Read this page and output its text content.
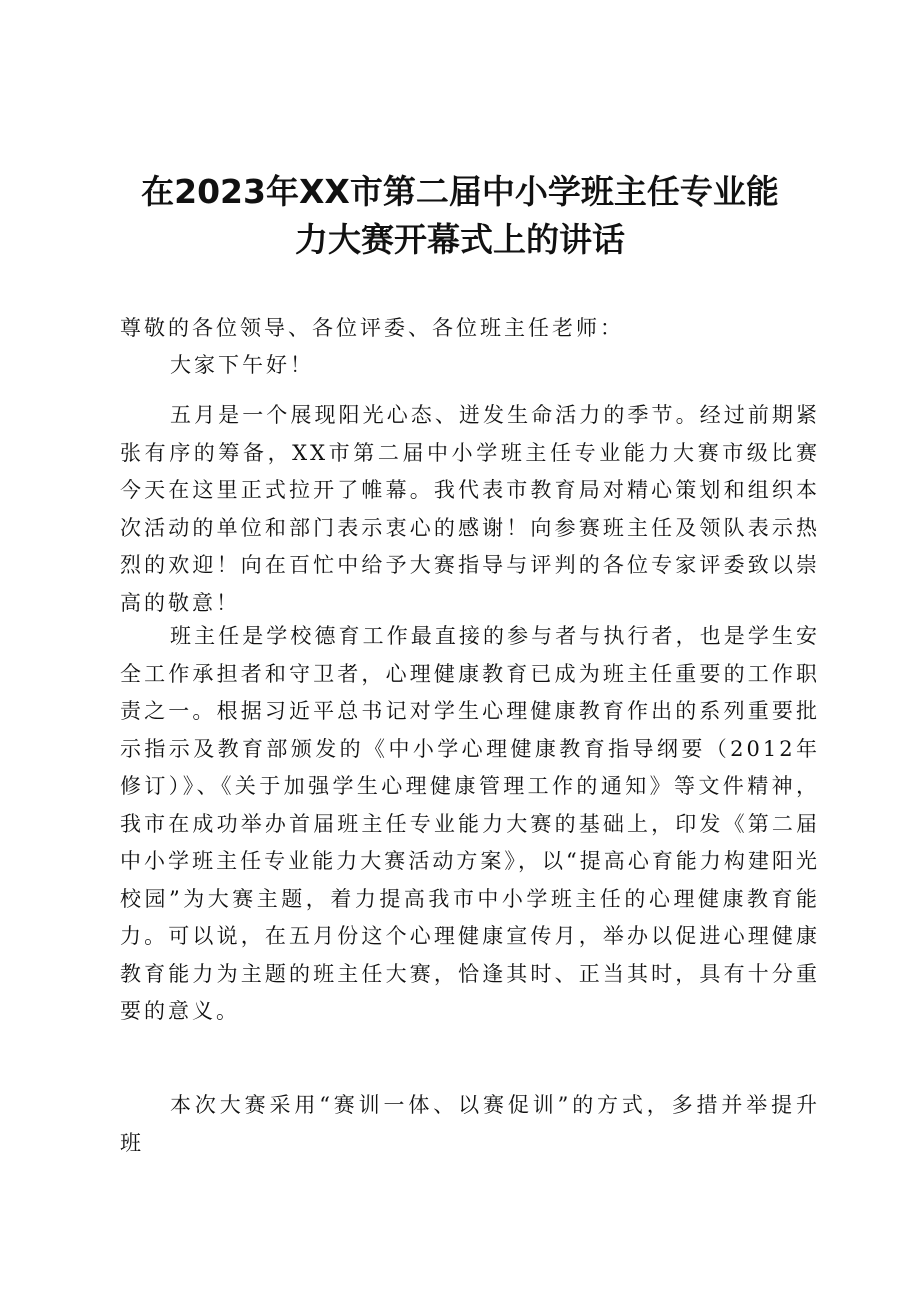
在2023年XX市第二届中小学班主任专业能
力大赛开幕式上的讲话

尊敬的各位领导、各位评委、各位班主任老师：

大家下午好！

五月是一个展现阳光心态、迸发生命活力的季节。经过前期紧张有序的筹备，XX市第二届中小学班主任专业能力大赛市级比赛今天在这里正式拉开了帷幕。我代表市教育局对精心策划和组织本次活动的单位和部门表示衷心的感谢！向参赛班主任及领队表示热烈的欢迎！向在百忙中给予大赛指导与评判的各位专家评委致以崇高的敬意！

班主任是学校德育工作最直接的参与者与执行者，也是学生安全工作承担者和守卫者，心理健康教育已成为班主任重要的工作职责之一。根据习近平总书记对学生心理健康教育作出的系列重要批示指示及教育部颁发的《中小学心理健康教育指导纲要（2012年修订）》、《关于加强学生心理健康管理工作的通知》等文件精神，我市在成功举办首届班主任专业能力大赛的基础上，印发《第二届中小学班主任专业能力大赛活动方案》，以“提高心育能力构建阳光校园”为大赛主题，着力提高我市中小学班主任的心理健康教育能力。可以说，在五月份这个心理健康宣传月，举办以促进心理健康教育能力为主题的班主任大赛，恰逢其时、正当其时，具有十分重要的意义。

本次大赛采用“赛训一体、以赛促训”的方式，多措并举提升班
